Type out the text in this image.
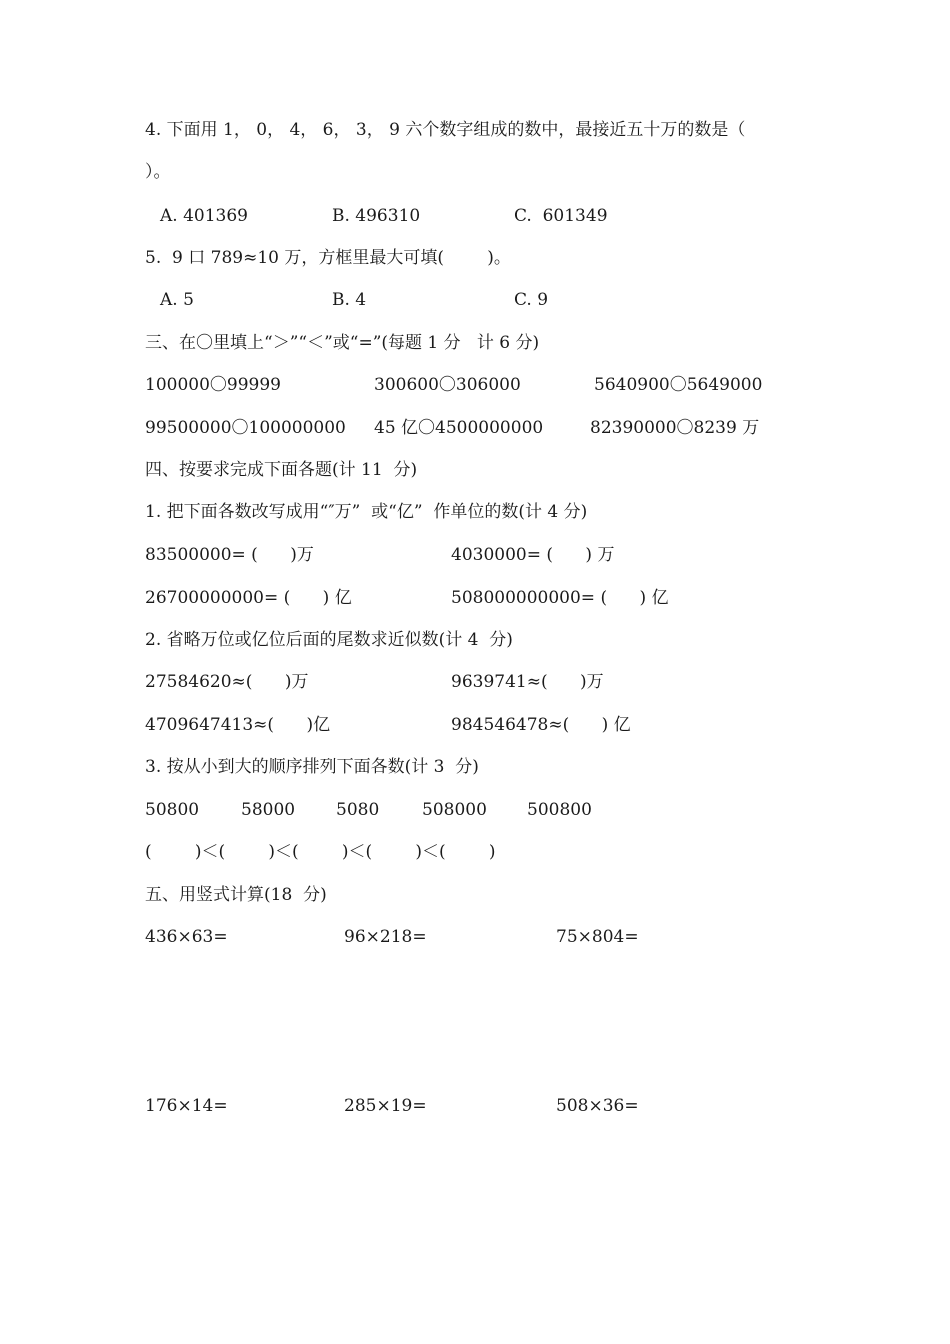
4. 下面用 1， 0， 4， 6， 3， 9 六个数字组成的数中，最接近五十万的数是（
）。
A. 401369	B. 496310	C.  601349
5.  9 口 789≈10 万，方框里最大可填(        )。
A. 5	B. 4	C. 9
三、在〇里填上“＞”“＜”或“=”(每题 1 分   计 6 分)
100000〇99999	300600〇306000	5640900〇5649000
99500000〇100000000 45 亿〇4500000000	82390000〇8239 万
四、按要求完成下面各题(计 11  分)
1. 把下面各数改写成用“″万”  或“亿”  作单位的数(计 4 分)
83500000= (      )万	4030000= (      ) 万
26700000000= (      ) 亿	508000000000= (      ) 亿
2. 省略万位或亿位后面的尾数求近似数(计 4  分)
27584620≈(      )万	9639741≈(      )万
4709647413≈(      )亿	984546478≈(      ) 亿
3. 按从小到大的顺序排列下面各数(计 3  分)
50800 58000 5080	508000 500800
(        )＜(        )＜(        )＜(        )＜(        )
五、用竖式计算(18  分)
436×63=	96×218=	75×804=
176×14=	285×19=	508×36=
